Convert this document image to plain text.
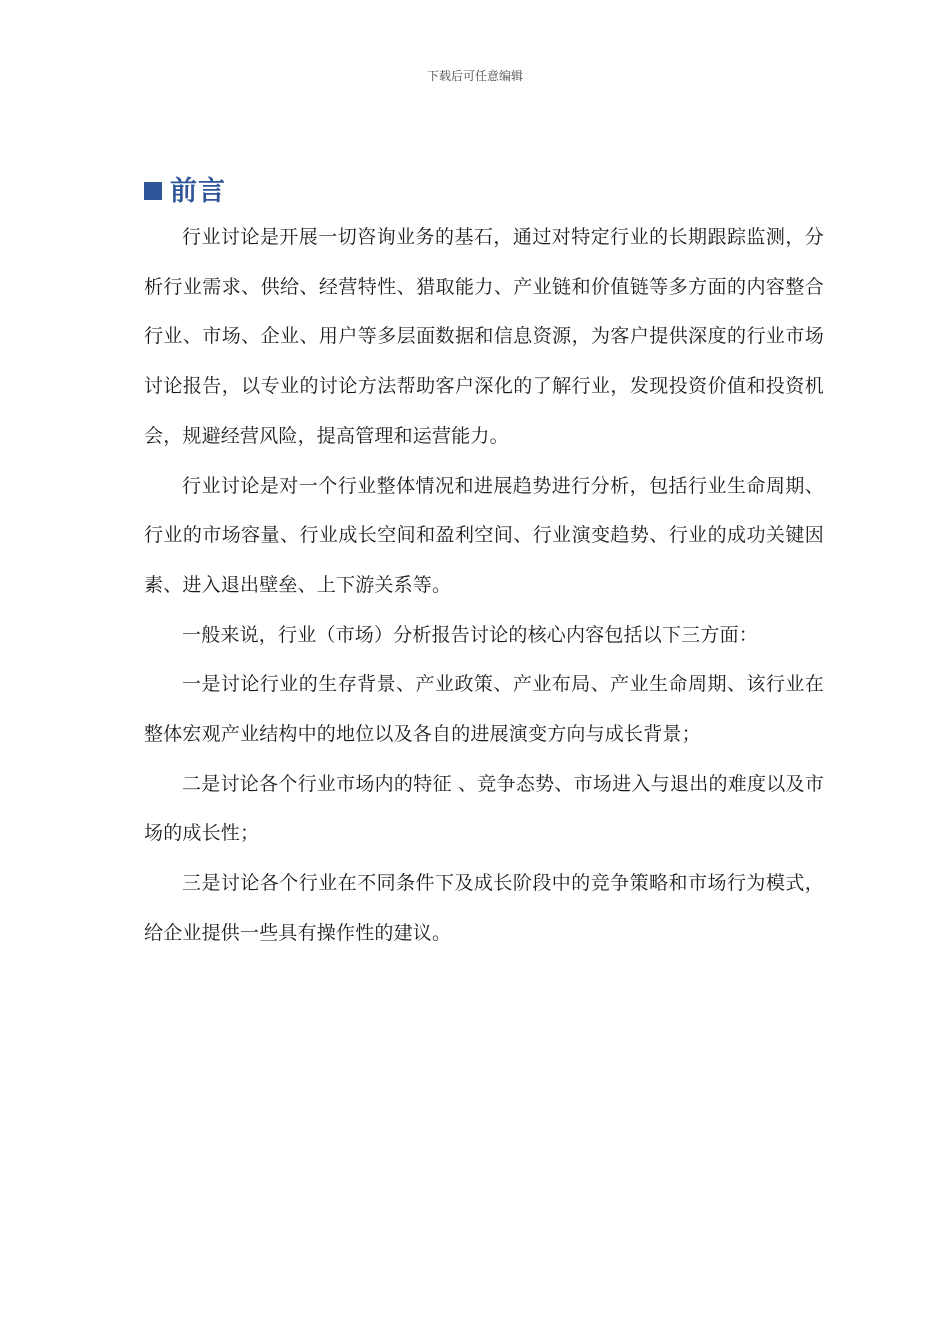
下载后可任意编辑
前言

行业讨论是开展一切咨询业务的基石，通过对特定行业的长期跟踪监测，分析行业需求、供给、经营特性、猎取能力、产业链和价值链等多方面的内容整合行业、市场、企业、用户等多层面数据和信息资源，为客户提供深度的行业市场讨论报告，以专业的讨论方法帮助客户深化的了解行业，发现投资价值和投资机会，规避经营风险，提高管理和运营能力。

行业讨论是对一个行业整体情况和进展趋势进行分析，包括行业生命周期、行业的市场容量、行业成长空间和盈利空间、行业演变趋势、行业的成功关键因素、进入退出壁垒、上下游关系等。

一般来说，行业（市场）分析报告讨论的核心内容包括以下三方面：

一是讨论行业的生存背景、产业政策、产业布局、产业生命周期、该行业在整体宏观产业结构中的地位以及各自的进展演变方向与成长背景；

二是讨论各个行业市场内的特征 、竞争态势、市场进入与退出的难度以及市场的成长性；

三是讨论各个行业在不同条件下及成长阶段中的竞争策略和市场行为模式，给企业提供一些具有操作性的建议。
